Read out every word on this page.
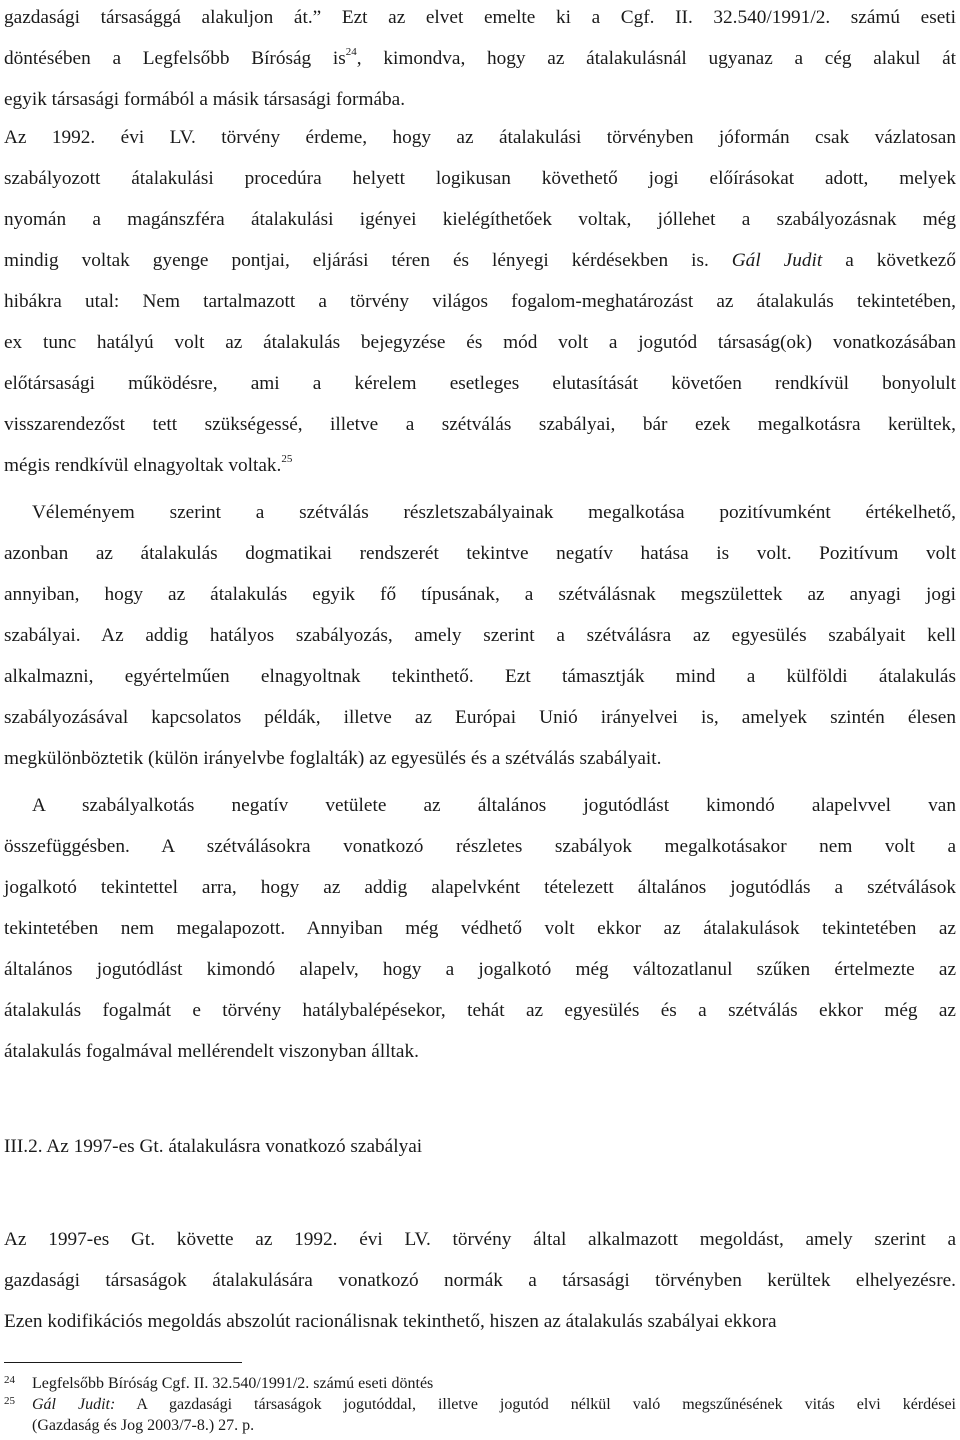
gazdasági társasággá alakuljon át.” Ezt az elvet emelte ki a Cgf. II. 32.540/1991/2. számú eseti
döntésében a Legfelsőbb Bíróság $is^{24}$, kimondva, hogy az átalakulásnál ugyanaz a cég alakul át
egyik társasági formából a másik társasági formába.
Az 1992. évi LV. törvény érdeme, hogy az átalakulási törvényben jóformán csak vázlatosan
szabályozott átalakulási procedúra helyett logikusan követhető jogi előírásokat adott, melyek
nyomán a magánszféra átalakulási igényei kielégíthetőek voltak, jóllehet a szabályozásnak még
mindig voltak gyenge pontjai, eljárási téren és lényegi kérdésekben is. Gál Judit a következő
hibákra utal: Nem tartalmazott a törvény világos fogalom-meghatározást az átalakulás tekintetében,
ex tunc hatályú volt az átalakulás bejegyzése és mód volt a jogutód társaság(ok) vonatkozásában
előtársasági működésre, ami a kérelem esetleges elutasítását követően rendkívül bonyolult
visszarendezőst tett szükségessé, illetve a szétválás szabályai, bár ezek megalkotásra kerültek,
mégis rendkívül elnagyoltak voltak.$^{25}$
Véleményem szerint a szétválás részletszabályainak megalkotása pozitívumként értékelhető,
azonban az átalakulás dogmatikai rendszerét tekintve negatív hatása is volt. Pozitívum volt
annyiban, hogy az átalakulás egyik fő típusának, a szétválásnak megszülettek az anyagi jogi
szabályai. Az addig hatályos szabályozás, amely szerint a szétválásra az egyesülés szabályait kell
alkalmazni, egyértelműen elnagyoltnak tekinthető. Ezt támasztják mind a külföldi átalakulás
szabályozásával kapcsolatos példák, illetve az Európai Unió irányelvei is, amelyek szintén élesen
megkülönböztetik (külön irányelvbe foglalták) az egyesülés és a szétválás szabályait.
A szabályalkotás negatív vetülete az általános jogutódlást kimondó alapelvvel van
összefüggésben. A szétválásokra vonatkozó részletes szabályok megalkotásakor nem volt a
jogalkotó tekintettel arra, hogy az addig alapelvként tételezett általános jogutódlás a szétválások
tekintetében nem megalapozott. Annyiban még védhető volt ekkor az átalakulások tekintetében az
általános jogutódlást kimondó alapelv, hogy a jogalkotó még változatlanul szűken értelmezte az
átalakulás fogalmát e törvény hatálybalépésekor, tehát az egyesülés és a szétválás ekkor még az
átalakulás fogalmával mellérendelt viszonyban álltak.
III.2. Az 1997-es Gt. átalakulásra vonatkozó szabályai
Az 1997-es Gt. követte az 1992. évi LV. törvény által alkalmazott megoldást, amely szerint a
gazdasági társaságok átalakulására vonatkozó normák a társasági törvényben kerültek elhelyezésre.
Ezen kodifikációs megoldás abszolút racionálisnak tekinthető, hiszen az átalakulás szabályai ekkora
24 Legfelsőbb Bíróság Cgf. II. 32.540/1991/2. számú eseti döntés
25 Gál Judit: A gazdasági társaságok jogutóddal, illetve jogutód nélkül való megszűnésének vitás elvi kérdései
(Gazdaság és Jog 2003/7-8.) 27. p.
